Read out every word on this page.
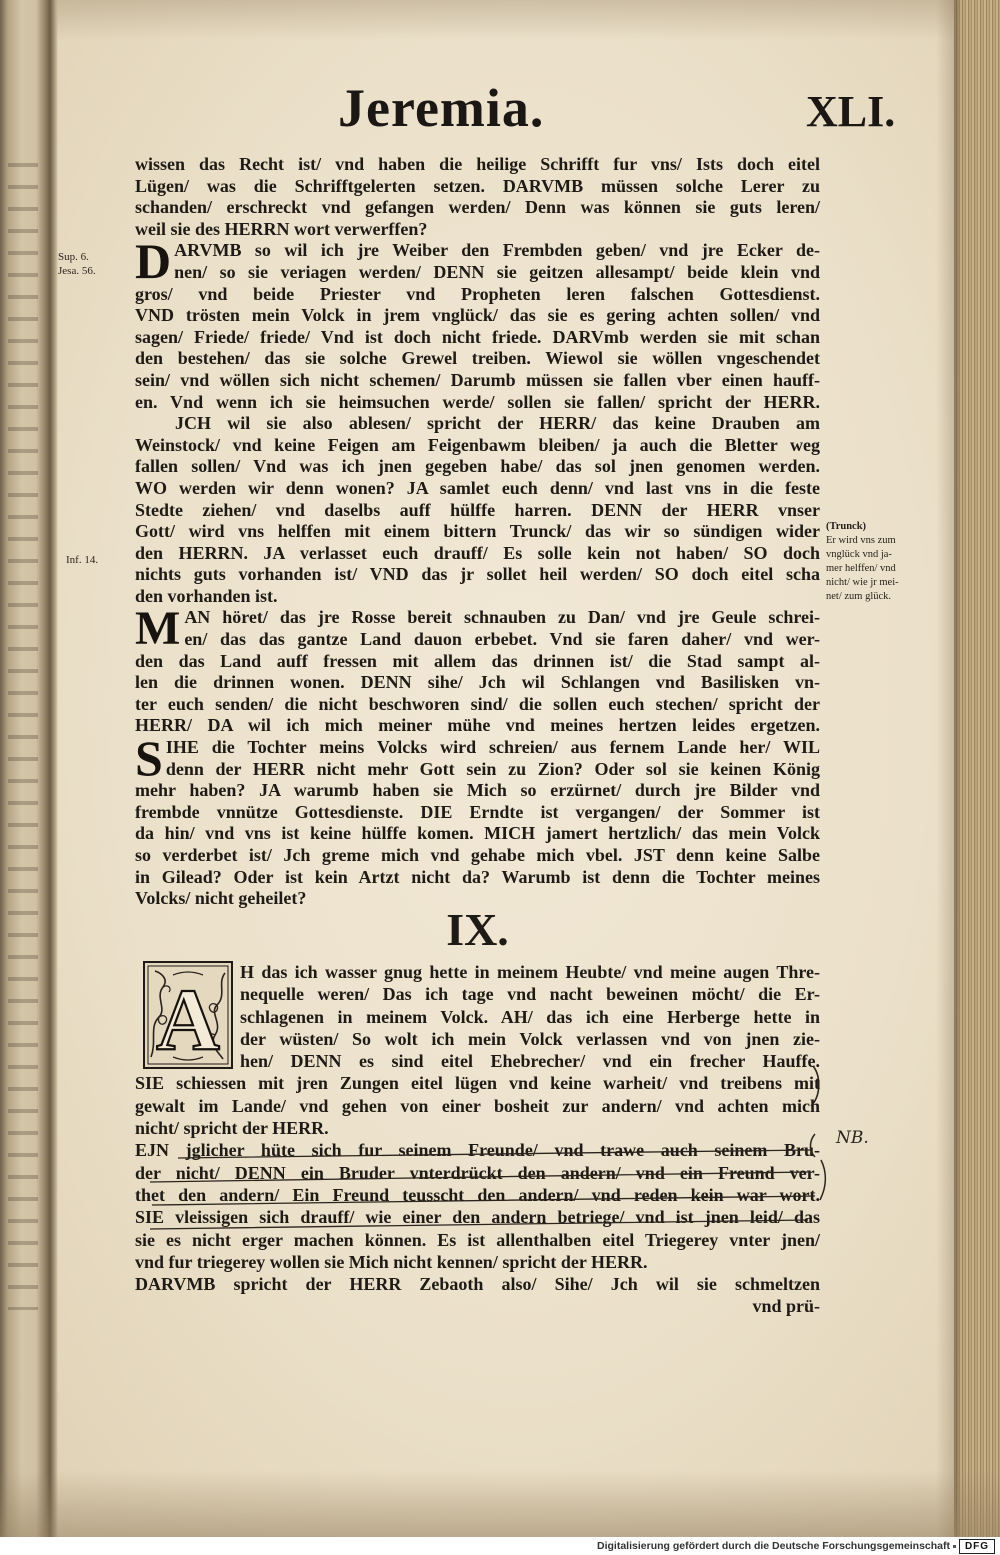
Jeremia.	XLI.
Sup. 6.
Jesa. 56.
Inf. 14.
(Trunck)
Er wird vns zum
vnglück vnd ja-
mer helffen/ vnd
nicht/ wie jr mei-
net/ zum glück.
wissen das Recht ist/ vnd haben die heilige Schrifft fur vns/ Ists doch eitel
Lügen/ was die Schrifftgelerten setzen. DARVMB müssen solche Lerer zu
schanden/ erschreckt vnd gefangen werden/ Denn was können sie guts leren/
weil sie des HERRN wort verwerffen?
D ARVMB so wil ich jre Weiber den Frembden geben/ vnd jre Ecker de-
nen/ so sie veriagen werden/ DENN sie geitzen allesampt/ beide klein vnd
gros/ vnd beide Priester vnd Propheten leren falschen Gottesdienst.
VND trösten mein Volck in jrem vnglück/ das sie es gering achten sollen/ vnd
sagen/ Friede/ friede/ Vnd ist doch nicht friede. DARVmb werden sie mit schan
den bestehen/ das sie solche Grewel treiben. Wiewol sie wöllen vngeschendet
sein/ vnd wöllen sich nicht schemen/ Darumb müssen sie fallen vber einen hauff-
en. Vnd wenn ich sie heimsuchen werde/ sollen sie fallen/ spricht der HERR.
JCH wil sie also ablesen/ spricht der HERR/ das keine Drauben am
Weinstock/ vnd keine Feigen am Feigenbawm bleiben/ ja auch die Bletter weg
fallen sollen/ Vnd was ich jnen gegeben habe/ das sol jnen genomen werden.
WO werden wir denn wonen? JA samlet euch denn/ vnd last vns in die feste
Stedte ziehen/ vnd daselbs auff hülffe harren. DENN der HERR vnser
Gott/ wird vns helffen mit einem bittern Trunck/ das wir so sündigen wider
den HERRN. JA verlasset euch drauff/ Es solle kein not haben/ SO doch
nichts guts vorhanden ist/ VND das jr sollet heil werden/ SO doch eitel scha
den vorhanden ist.
M AN höret/ das jre Rosse bereit schnauben zu Dan/ vnd jre Geule schrei-
en/ das das gantze Land dauon erbebet. Vnd sie faren daher/ vnd wer-
den das Land auff fressen mit allem das drinnen ist/ die Stad sampt al-
len die drinnen wonen. DENN sihe/ Jch wil Schlangen vnd Basilisken vn-
ter euch senden/ die nicht beschworen sind/ die sollen euch stechen/ spricht der
HERR/ DA wil ich mich meiner mühe vnd meines hertzen leides ergetzen.
S IHE die Tochter meins Volcks wird schreien/ aus fernem Lande her/ WIL
denn der HERR nicht mehr Gott sein zu Zion? Oder sol sie keinen König
mehr haben? JA warumb haben sie Mich so erzürnet/ durch jre Bilder vnd
frembde vnnütze Gottesdienste. DIE Erndte ist vergangen/ der Sommer ist
da hin/ vnd vns ist keine hülffe komen. MICH jamert hertzlich/ das mein Volck
so verderbet ist/ Jch greme mich vnd gehabe mich vbel. JST denn keine Salbe
in Gilead? Oder ist kein Artzt nicht da? Warumb ist denn die Tochter meines
Volcks/ nicht geheilet?
IX.
A	H das ich wasser gnug hette in meinem Heubte/ vnd meine augen Thre-
nequelle weren/ Das ich tage vnd nacht beweinen möcht/ die Er-
schlagenen in meinem Volck. AH/ das ich eine Herberge hette in
der wüsten/ So wolt ich mein Volck verlassen vnd von jnen zie-
hen/ DENN es sind eitel Ehebrecher/ vnd ein frecher Hauffe.
SIE schiessen mit jren Zungen eitel lügen vnd keine warheit/ vnd treibens mit
gewalt im Lande/ vnd gehen von einer bosheit zur andern/ vnd achten mich
nicht/ spricht der HERR.
EJN jglicher hüte sich fur seinem Freunde/ vnd trawe auch seinem Bru-
der nicht/ DENN ein Bruder vnterdrückt den andern/ vnd ein Freund ver-
thet den andern/ Ein Freund teusscht den andern/ vnd reden kein war wort.
SIE vleissigen sich drauff/ wie einer den andern betriege/ vnd ist jnen leid/ das
sie es nicht erger machen können. Es ist allenthalben eitel Triegerey vnter jnen/
vnd fur triegerey wollen sie Mich nicht kennen/ spricht der HERR.
DARVMB spricht der HERR Zebaoth also/ Sihe/ Jch wil sie schmeltzen
vnd prü-
NB.
Digitalisierung gefördert durch die Deutsche Forschungsgemeinschaft	DFG
